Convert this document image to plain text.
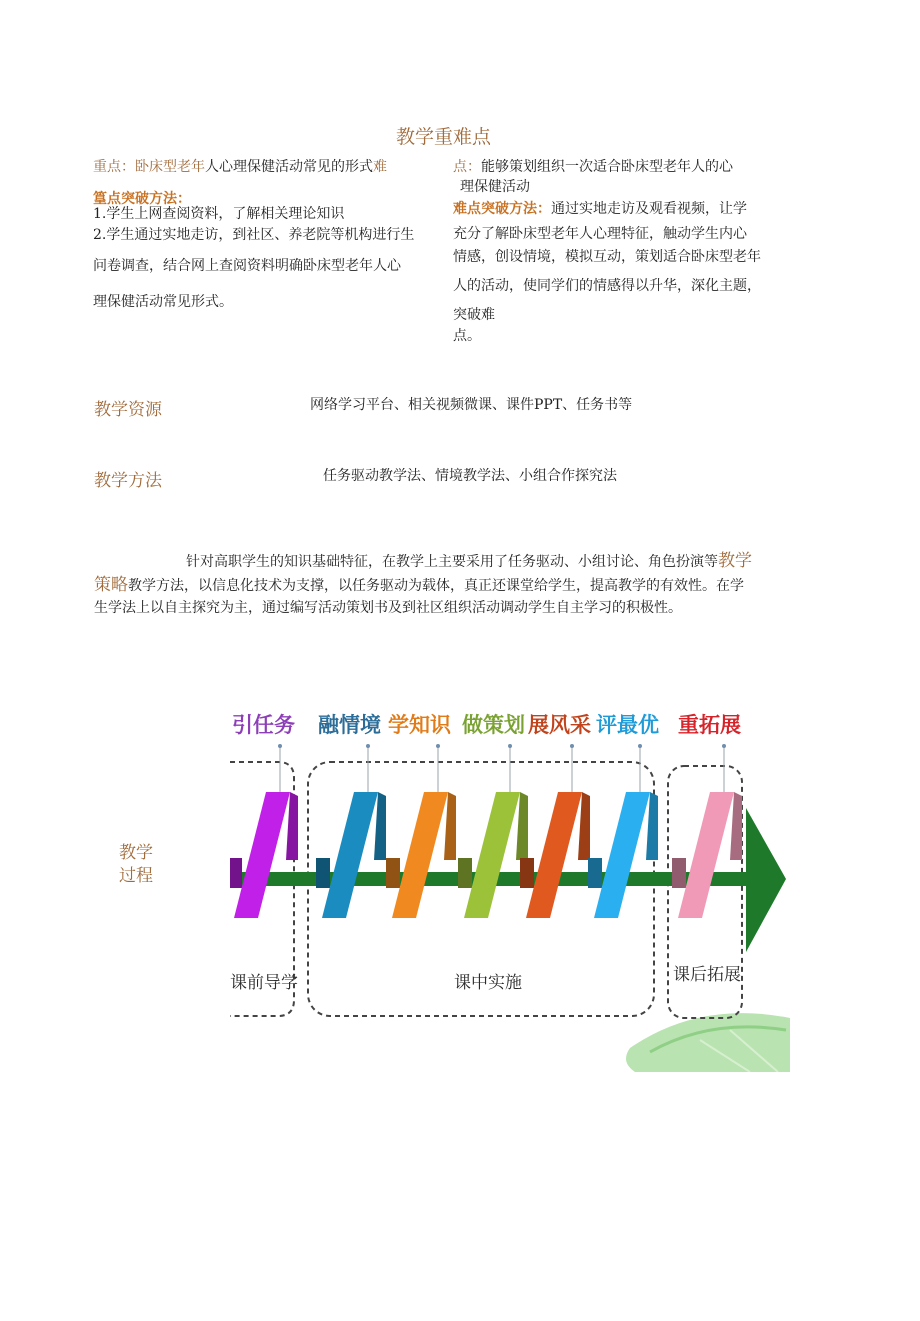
教学重难点
重点：卧床型老年人心理保健活动常见的形式难	点：能够策划组织一次适合卧床型老年人的心
理保健活动
篁点突破方法：
1.学生上网查阅资料，了解相关理论知识
2.学生通过实地走访，到社区、养老院等机构进行生
问卷调查，结合网上查阅资料明确卧床型老年人心
理保健活动常见形式。
难点突破方法：通过实地走访及观看视频，让学
充分了解卧床型老年人心理特征，触动学生内心
情感，创设情境，模拟互动，策划适合卧床型老年
人的活动，使同学们的情感得以升华，深化主题，
突破难
点。
教学资源	网络学习平台、相关视频微课、课件PPT、任务书等
教学方法	任务驱动教学法、情境教学法、小组合作探究法
针对高职学生的知识基础特征，在教学上主要采用了任务驱动、小组讨论、角色扮演等教学
策略教学方法，以信息化技术为支撑，以任务驱动为载体，真正还课堂给学生，提高教学的有效性。在学
生学法上以自主探究为主，通过编写活动策划书及到社区组织活动调动学生自主学习的积极性。
教学
过程
引任务 融情境 学知识 做策划 展风采 评最优 重拓展
课前导学	课中实施	课后拓展
